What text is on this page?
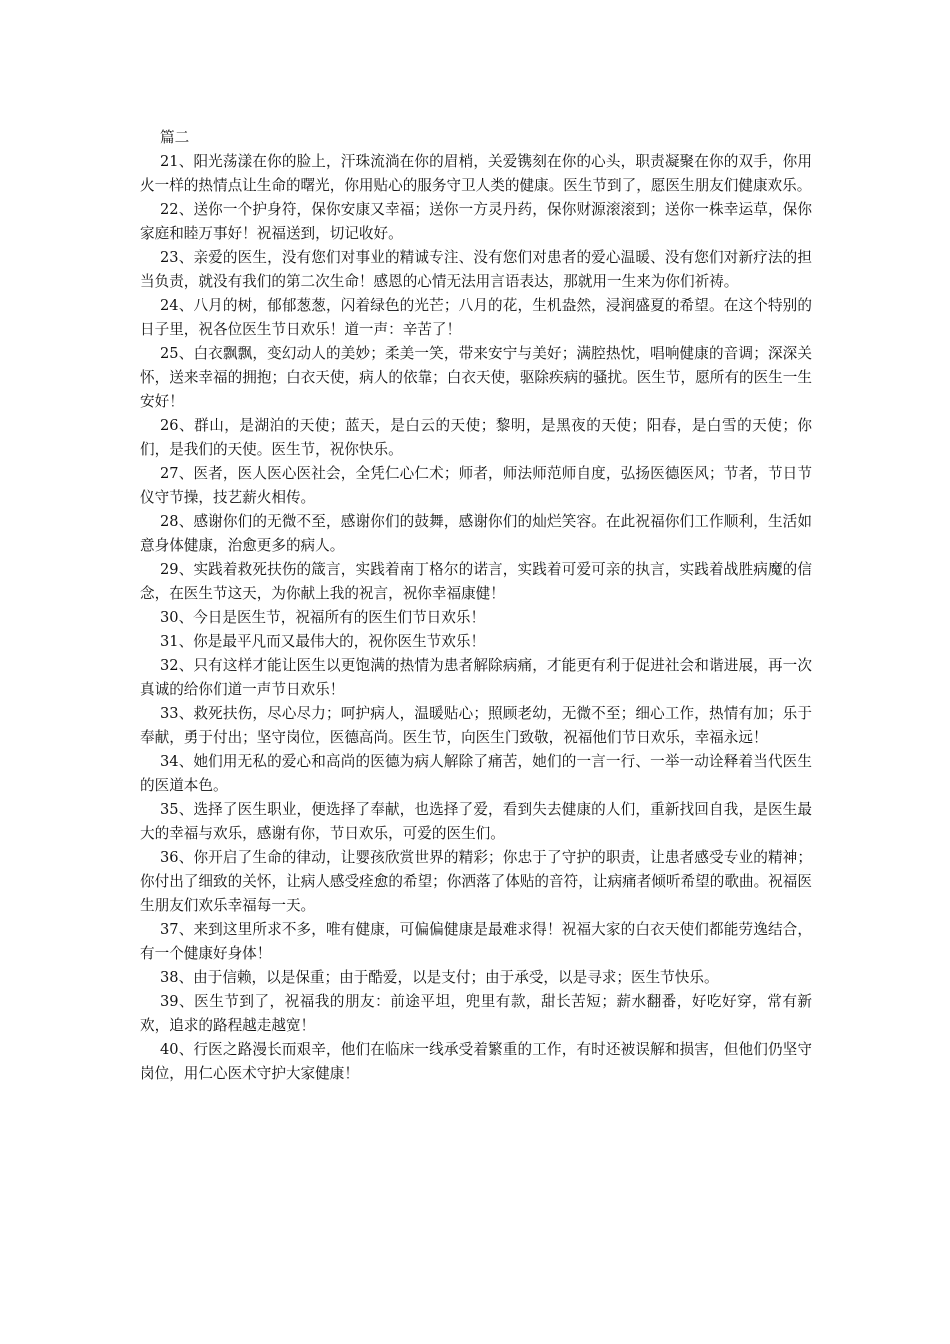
篇二

21、阳光荡漾在你的脸上，汗珠流淌在你的眉梢，关爱镌刻在你的心头，职责凝聚在你的双手，你用火一样的热情点让生命的曙光，你用贴心的服务守卫人类的健康。医生节到了，愿医生朋友们健康欢乐。

22、送你一个护身符，保你安康又幸福；送你一方灵丹药，保你财源滚滚到；送你一株幸运草，保你家庭和睦万事好！祝福送到，切记收好。

23、亲爱的医生，没有您们对事业的精诚专注、没有您们对患者的爱心温暖、没有您们对新疗法的担当负责，就没有我们的第二次生命！感恩的心情无法用言语表达，那就用一生来为你们祈祷。

24、八月的树，郁郁葱葱，闪着绿色的光芒；八月的花，生机盎然，浸润盛夏的希望。在这个特别的日子里，祝各位医生节日欢乐！道一声：辛苦了！

25、白衣飘飘，变幻动人的美妙；柔美一笑，带来安宁与美好；满腔热忱，唱响健康的音调；深深关怀，送来幸福的拥抱；白衣天使，病人的依靠；白衣天使，驱除疾病的骚扰。医生节，愿所有的医生一生安好！

26、群山，是湖泊的天使；蓝天，是白云的天使；黎明，是黑夜的天使；阳春，是白雪的天使；你们，是我们的天使。医生节，祝你快乐。

27、医者，医人医心医社会，全凭仁心仁术；师者，师法师范师自度，弘扬医德医风；节者，节日节仪守节操，技艺薪火相传。

28、感谢你们的无微不至，感谢你们的鼓舞，感谢你们的灿烂笑容。在此祝福你们工作顺利，生活如意身体健康，治愈更多的病人。

29、实践着救死扶伤的箴言，实践着南丁格尔的诺言，实践着可爱可亲的执言，实践着战胜病魔的信念，在医生节这天，为你献上我的祝言，祝你幸福康健！

30、今日是医生节，祝福所有的医生们节日欢乐！

31、你是最平凡而又最伟大的，祝你医生节欢乐！

32、只有这样才能让医生以更饱满的热情为患者解除病痛，才能更有利于促进社会和谐进展，再一次真诚的给你们道一声节日欢乐！

33、救死扶伤，尽心尽力；呵护病人，温暖贴心；照顾老幼，无微不至；细心工作，热情有加；乐于奉献，勇于付出；坚守岗位，医德高尚。医生节，向医生门致敬，祝福他们节日欢乐，幸福永远！

34、她们用无私的爱心和高尚的医德为病人解除了痛苦，她们的一言一行、一举一动诠释着当代医生的医道本色。

35、选择了医生职业，便选择了奉献，也选择了爱，看到失去健康的人们，重新找回自我，是医生最大的幸福与欢乐，感谢有你，节日欢乐，可爱的医生们。

36、你开启了生命的律动，让婴孩欣赏世界的精彩；你忠于了守护的职责，让患者感受专业的精神；你付出了细致的关怀，让病人感受痊愈的希望；你洒落了体贴的音符，让病痛者倾听希望的歌曲。祝福医生朋友们欢乐幸福每一天。

37、来到这里所求不多，唯有健康，可偏偏健康是最难求得！祝福大家的白衣天使们都能劳逸结合，有一个健康好身体！

38、由于信赖，以是保重；由于酷爱，以是支付；由于承受，以是寻求；医生节快乐。

39、医生节到了，祝福我的朋友：前途平坦，兜里有款，甜长苦短；薪水翻番，好吃好穿，常有新欢，追求的路程越走越宽！

40、行医之路漫长而艰辛，他们在临床一线承受着繁重的工作，有时还被误解和损害，但他们仍坚守岗位，用仁心医术守护大家健康！
